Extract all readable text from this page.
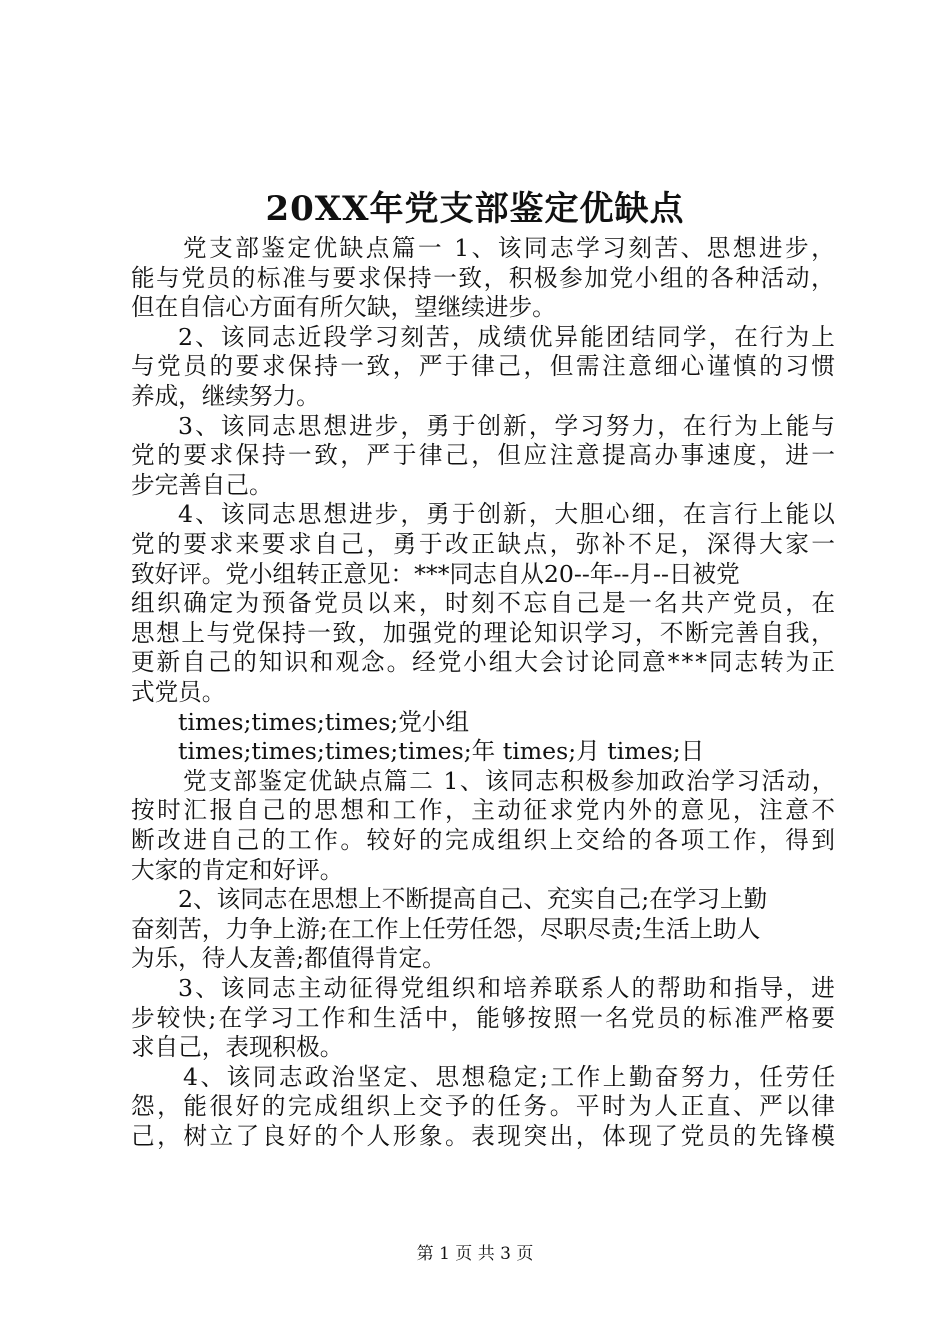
20XX年党支部鉴定优缺点
党支部鉴定优缺点篇一 1、该同志学习刻苦、思想进步，
能与党员的标准与要求保持一致，积极参加党小组的各种活动，
但在自信心方面有所欠缺，望继续进步。
2、该同志近段学习刻苦，成绩优异能团结同学，在行为上
与党员的要求保持一致，严于律己，但需注意细心谨慎的习惯
养成，继续努力。
3、该同志思想进步，勇于创新，学习努力，在行为上能与
党的要求保持一致，严于律己，但应注意提高办事速度，进一
步完善自己。
4、该同志思想进步，勇于创新，大胆心细，在言行上能以
党的要求来要求自己，勇于改正缺点，弥补不足，深得大家一
致好评。党小组转正意见：***同志自从20--年--月--日被党
组织确定为预备党员以来，时刻不忘自己是一名共产党员，在
思想上与党保持一致，加强党的理论知识学习，不断完善自我，
更新自己的知识和观念。经党小组大会讨论同意***同志转为正
式党员。
times;times;times;党小组
times;times;times;times;年 times;月 times;日
党支部鉴定优缺点篇二 1、该同志积极参加政治学习活动，
按时汇报自己的思想和工作，主动征求党内外的意见，注意不
断改进自己的工作。较好的完成组织上交给的各项工作，得到
大家的肯定和好评。
2、该同志在思想上不断提高自己、充实自己;在学习上勤
奋刻苦，力争上游;在工作上任劳任怨，尽职尽责;生活上助人
为乐，待人友善;都值得肯定。
3、该同志主动征得党组织和培养联系人的帮助和指导，进
步较快;在学习工作和生活中，能够按照一名党员的标准严格要
求自己，表现积极。
4、该同志政治坚定、思想稳定;工作上勤奋努力，任劳任
怨，能很好的完成组织上交予的任务。平时为人正直、严以律
己，树立了良好的个人形象。表现突出，体现了党员的先锋模
第 1 页 共 3 页
